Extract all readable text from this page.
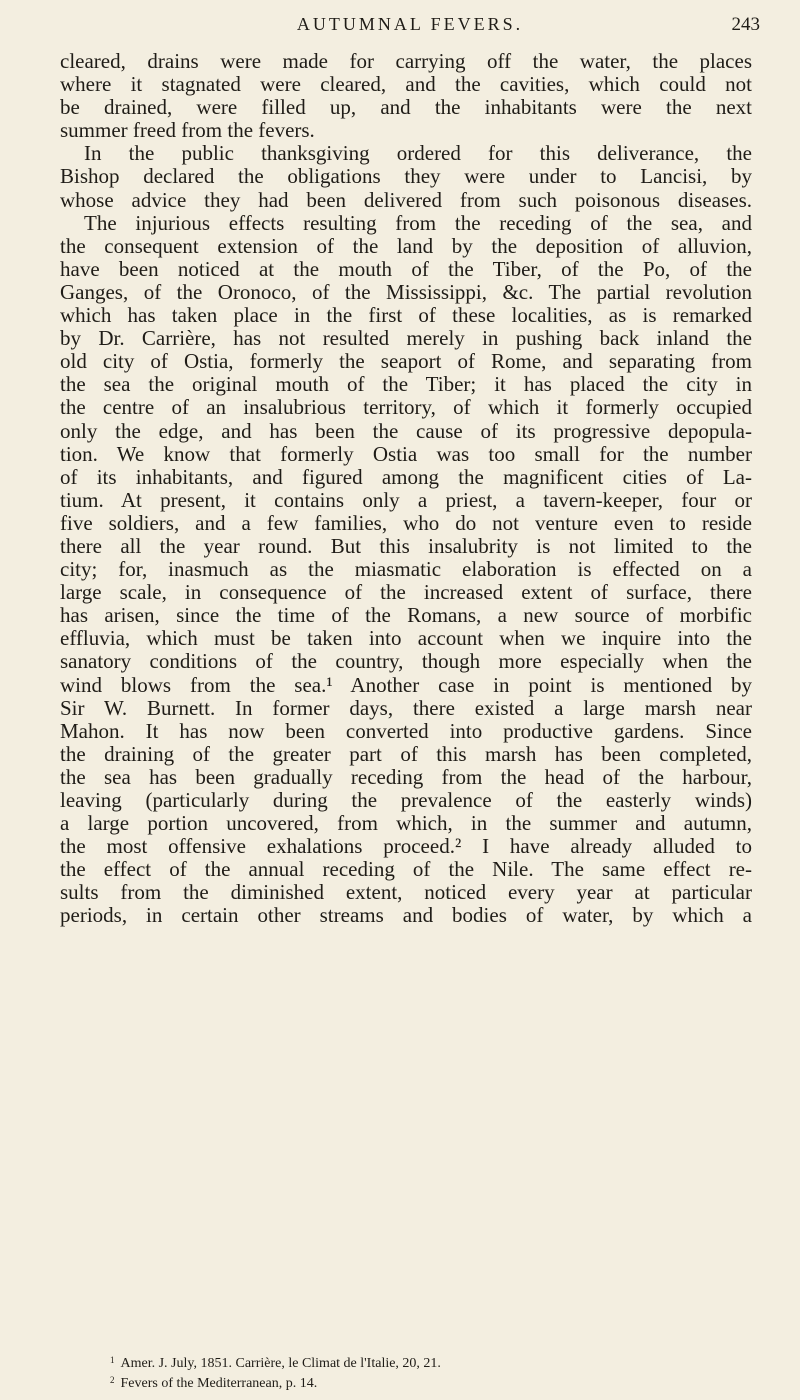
AUTUMNAL FEVERS.	243
cleared, drains were made for carrying off the water, the places
where it stagnated were cleared, and the cavities, which could not
be drained, were filled up, and the inhabitants were the next
summer freed from the fevers.
In the public thanksgiving ordered for this deliverance, the
Bishop declared the obligations they were under to Lancisi, by
whose advice they had been delivered from such poisonous diseases.
The injurious effects resulting from the receding of the sea, and
the consequent extension of the land by the deposition of alluvion,
have been noticed at the mouth of the Tiber, of the Po, of the
Ganges, of the Oronoco, of the Mississippi, &c. The partial revolution
which has taken place in the first of these localities, as is remarked
by Dr. Carrière, has not resulted merely in pushing back inland the
old city of Ostia, formerly the seaport of Rome, and separating from
the sea the original mouth of the Tiber; it has placed the city in
the centre of an insalubrious territory, of which it formerly occupied
only the edge, and has been the cause of its progressive depopula-
tion. We know that formerly Ostia was too small for the number
of its inhabitants, and figured among the magnificent cities of La-
tium. At present, it contains only a priest, a tavern-keeper, four or
five soldiers, and a few families, who do not venture even to reside
there all the year round. But this insalubrity is not limited to the
city; for, inasmuch as the miasmatic elaboration is effected on a
large scale, in consequence of the increased extent of surface, there
has arisen, since the time of the Romans, a new source of morbific
effluvia, which must be taken into account when we inquire into the
sanatory conditions of the country, though more especially when the
wind blows from the sea.¹ Another case in point is mentioned by
Sir W. Burnett. In former days, there existed a large marsh near
Mahon. It has now been converted into productive gardens. Since
the draining of the greater part of this marsh has been completed,
the sea has been gradually receding from the head of the harbour,
leaving (particularly during the prevalence of the easterly winds)
a large portion uncovered, from which, in the summer and autumn,
the most offensive exhalations proceed.² I have already alluded to
the effect of the annual receding of the Nile. The same effect re-
sults from the diminished extent, noticed every year at particular
periods, in certain other streams and bodies of water, by which a
$^1$ Amer. J. July, 1851. Carrière, le Climat de l'Italie, 20, 21.
$^2$ Fevers of the Mediterranean, p. 14.
